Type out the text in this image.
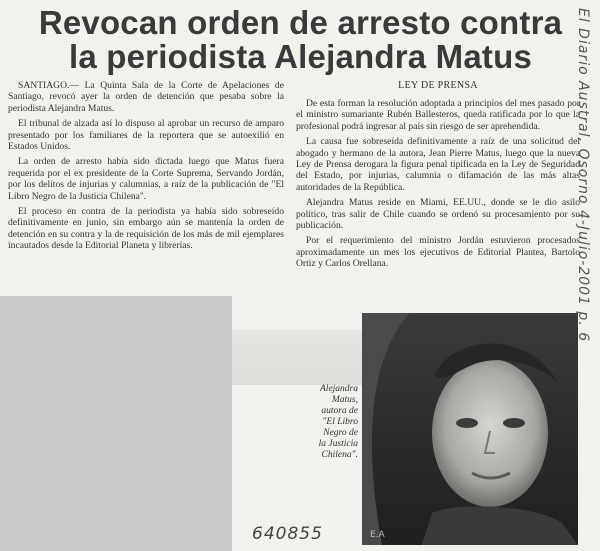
Revocan orden de arresto contra
la periodista Alejandra Matus

SANTIAGO.— La Quinta Sala de la Corte de Apelaciones de Santiago, revocó ayer la orden de detención que pesaba sobre la periodista Alejandra Matus.

El tribunal de alzada así lo dispuso al aprobar un recurso de amparo presentado por los familiares de la reportera que se autoexilió en Estados Unidos.

La orden de arresto había sido dictada luego que Matus fuera requerida por el ex presidente de la Corte Suprema, Servando Jordán, por los delitos de injurias y calumnias, a raíz de la publicación de "El Libro Negro de la Justicia Chilena".

El proceso en contra de la periodista ya había sido sobreseído definitivamente en junio, sin embargo aún se mantenía la orden de detención en su contra y la de requisición de los más de mil ejemplares incautados desde la Editorial Planeta y librerías.

LEY DE PRENSA

De esta forman la resolución adoptada a principios del mes pasado por el ministro sumariante Rubén Ballesteros, queda ratificada por lo que la profesional podrá ingresar al país sin riesgo de ser aprehendida.

La causa fue sobreseída definitivamente a raíz de una solicitud del abogado y hermano de la autora, Jean Pierre Matus, luego que la nueva Ley de Prensa derogara la figura penal tipificada en la Ley de Seguridad del Estado, por injurias, calumnia o difamación de las más altas autoridades de la República.

Alejandra Matus reside en Miami, EE.UU., donde se le dio asilo político, tras salir de Chile cuando se ordenó su procesamiento por su publicación.

Por el requerimiento del ministro Jordán estuvieron procesados aproximadamente un mes los ejecutivos de Editorial Plantea, Bartolo Ortiz y Carlos Orellana.

Alejandra
Matus,
autora de
"El Libro
Negro de
la Justicia
Chilena".
E.A
El Diario Austral, Osorno 4-Julio-2001 p. 6
640855
